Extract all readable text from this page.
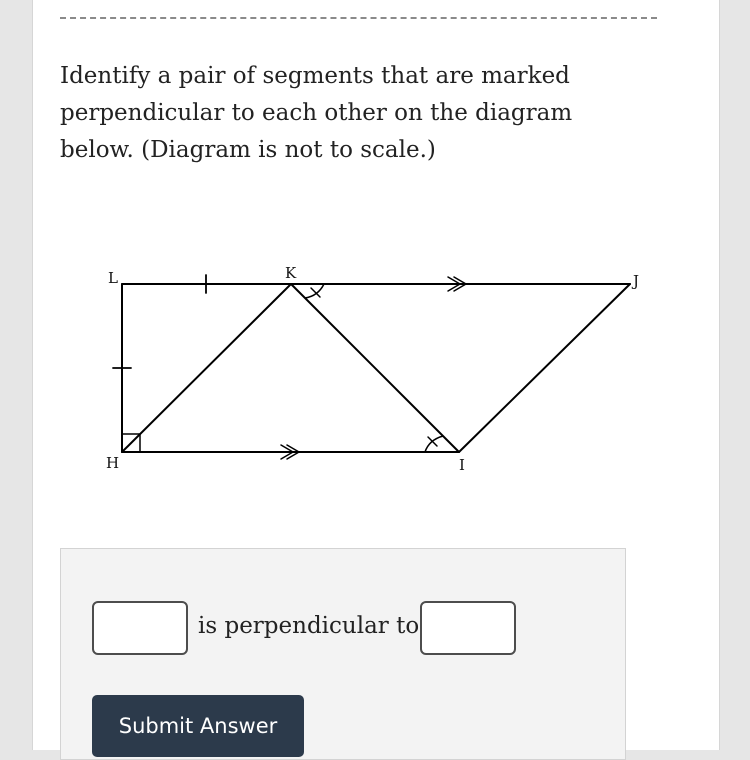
Identify a pair of segments that are marked perpendicular to each other on the diagram below. (Diagram is not to scale.)
L	K	J
H	I
is perpendicular to
Submit Answer
